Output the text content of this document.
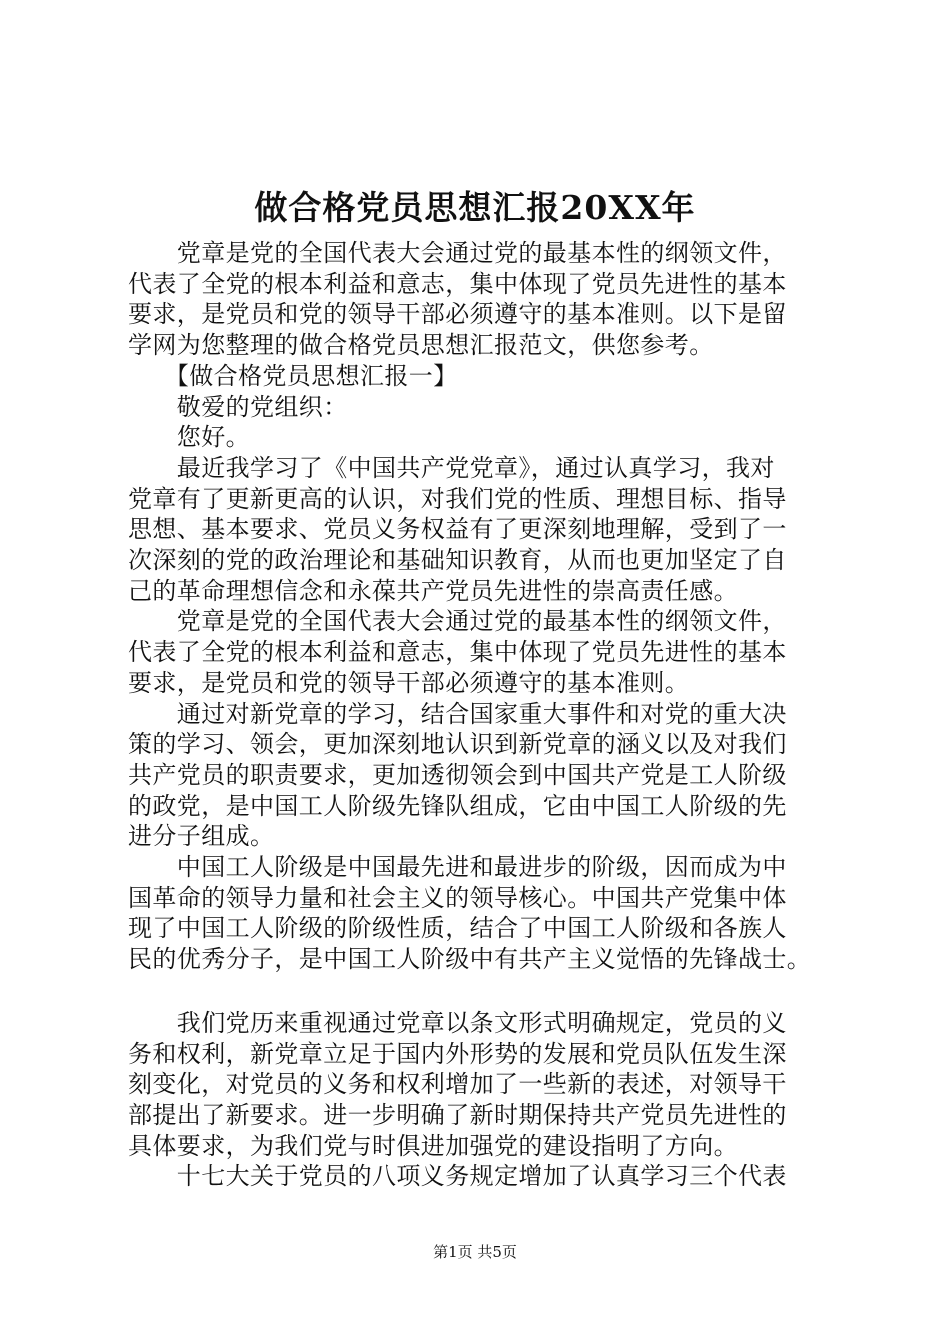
做合格党员思想汇报20XX年
　　党章是党的全国代表大会通过党的最基本性的纲领文件，
代表了全党的根本利益和意志，集中体现了党员先进性的基本
要求，是党员和党的领导干部必须遵守的基本准则。以下是留
学网为您整理的做合格党员思想汇报范文，供您参考。
　　【做合格党员思想汇报一】
　　敬爱的党组织：
　　您好。
　　最近我学习了《中国共产党党章》，通过认真学习，我对
党章有了更新更高的认识，对我们党的性质、理想目标、指导
思想、基本要求、党员义务权益有了更深刻地理解，受到了一
次深刻的党的政治理论和基础知识教育，从而也更加坚定了自
己的革命理想信念和永葆共产党员先进性的崇高责任感。
　　党章是党的全国代表大会通过党的最基本性的纲领文件，
代表了全党的根本利益和意志，集中体现了党员先进性的基本
要求，是党员和党的领导干部必须遵守的基本准则。
　　通过对新党章的学习，结合国家重大事件和对党的重大决
策的学习、领会，更加深刻地认识到新党章的涵义以及对我们
共产党员的职责要求，更加透彻领会到中国共产党是工人阶级
的政党，是中国工人阶级先锋队组成，它由中国工人阶级的先
进分子组成。
　　中国工人阶级是中国最先进和最进步的阶级，因而成为中
国革命的领导力量和社会主义的领导核心。中国共产党集中体
现了中国工人阶级的阶级性质，结合了中国工人阶级和各族人
民的优秀分子，是中国工人阶级中有共产主义觉悟的先锋战士。
　　我们党历来重视通过党章以条文形式明确规定，党员的义
务和权利，新党章立足于国内外形势的发展和党员队伍发生深
刻变化，对党员的义务和权利增加了一些新的表述，对领导干
部提出了新要求。进一步明确了新时期保持共产党员先进性的
具体要求，为我们党与时俱进加强党的建设指明了方向。
　　十七大关于党员的八项义务规定增加了认真学习三个代表
第1页 共5页
